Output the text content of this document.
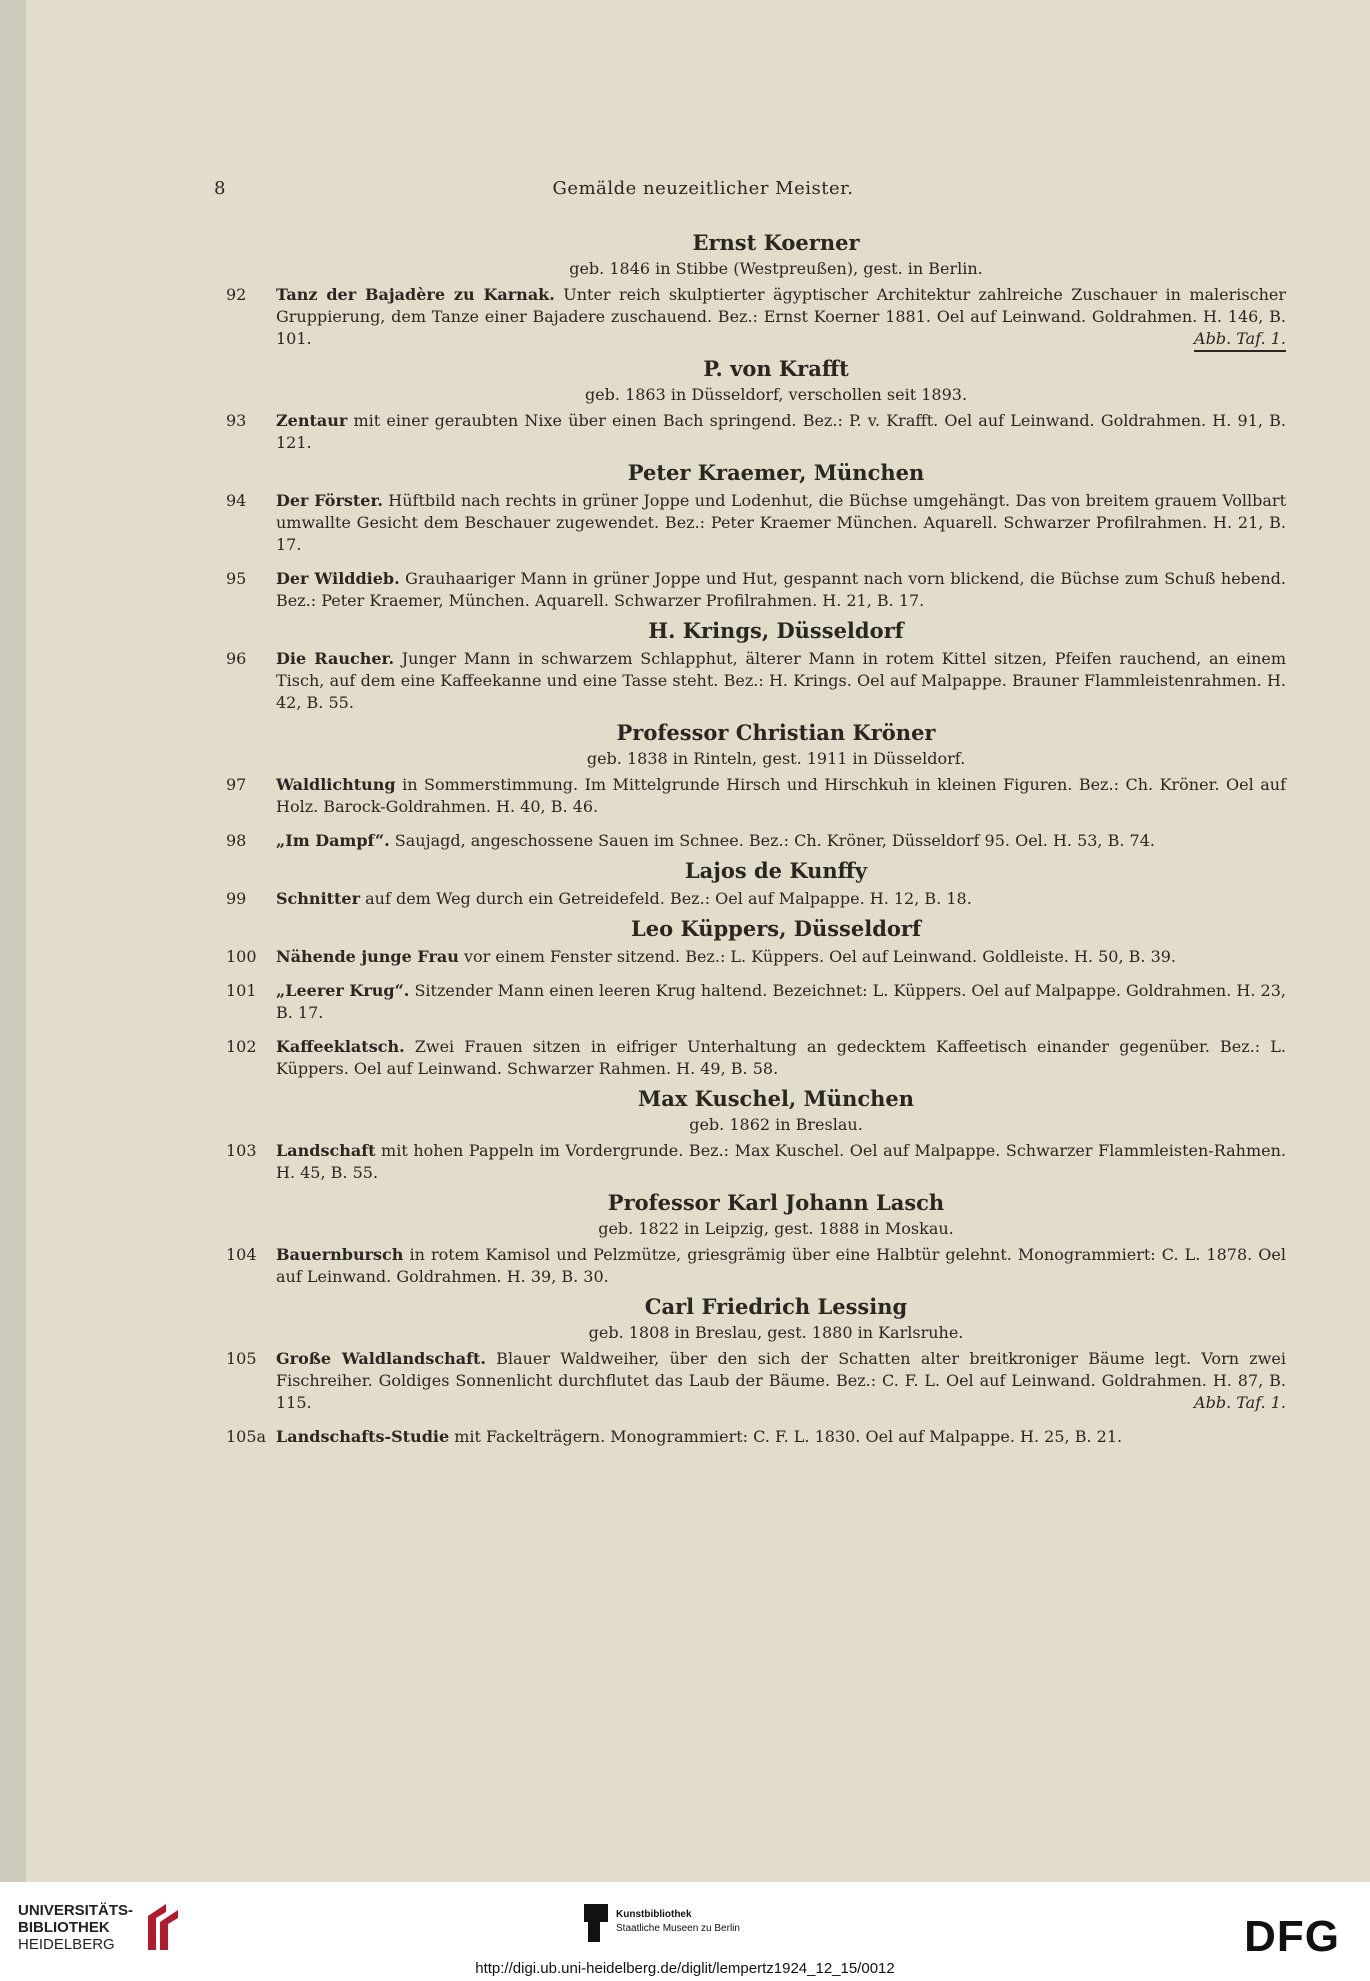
8	Gemälde neuzeitlicher Meister.
Ernst Koerner
geb. 1846 in Stibbe (Westpreußen), gest. in Berlin.
92 Tanz der Bajadère zu Karnak. Unter reich skulptierter ägyptischer Architektur zahlreiche Zuschauer in malerischer Gruppierung, dem Tanze einer Bajadere zuschauend. Bez.: Ernst Koerner 1881. Oel auf Leinwand. Goldrahmen. H. 146, B. 101.	Abb. Taf. 1.
P. von Krafft
geb. 1863 in Düsseldorf, verschollen seit 1893.
93 Zentaur mit einer geraubten Nixe über einen Bach springend. Bez.: P. v. Krafft. Oel auf Leinwand. Goldrahmen. H. 91, B. 121.
Peter Kraemer, München
94 Der Förster. Hüftbild nach rechts in grüner Joppe und Lodenhut, die Büchse umgehängt. Das von breitem grauem Vollbart umwallte Gesicht dem Beschauer zugewendet. Bez.: Peter Kraemer München. Aquarell. Schwarzer Profilrahmen. H. 21, B. 17.
95 Der Wilddieb. Grauhaariger Mann in grüner Joppe und Hut, gespannt nach vorn blickend, die Büchse zum Schuß hebend. Bez.: Peter Kraemer, München. Aquarell. Schwarzer Profilrahmen. H. 21, B. 17.
H. Krings, Düsseldorf
96 Die Raucher. Junger Mann in schwarzem Schlapphut, älterer Mann in rotem Kittel sitzen, Pfeifen rauchend, an einem Tisch, auf dem eine Kaffeekanne und eine Tasse steht. Bez.: H. Krings. Oel auf Malpappe. Brauner Flammleistenrahmen. H. 42, B. 55.
Professor Christian Kröner
geb. 1838 in Rinteln, gest. 1911 in Düsseldorf.
97 Waldlichtung in Sommerstimmung. Im Mittelgrunde Hirsch und Hirschkuh in kleinen Figuren. Bez.: Ch. Kröner. Oel auf Holz. Barock-Goldrahmen. H. 40, B. 46.
98 „Im Dampf“. Saujagd, angeschossene Sauen im Schnee. Bez.: Ch. Kröner, Düsseldorf 95. Oel. H. 53, B. 74.
Lajos de Kunffy
99 Schnitter auf dem Weg durch ein Getreidefeld. Bez.: Oel auf Malpappe. H. 12, B. 18.
Leo Küppers, Düsseldorf
100 Nähende junge Frau vor einem Fenster sitzend. Bez.: L. Küppers. Oel auf Leinwand. Goldleiste. H. 50, B. 39.
101 „Leerer Krug“. Sitzender Mann einen leeren Krug haltend. Bezeichnet: L. Küppers. Oel auf Malpappe. Goldrahmen. H. 23, B. 17.
102 Kaffeeklatsch. Zwei Frauen sitzen in eifriger Unterhaltung an gedecktem Kaffeetisch einander gegenüber. Bez.: L. Küppers. Oel auf Leinwand. Schwarzer Rahmen. H. 49, B. 58.
Max Kuschel, München
geb. 1862 in Breslau.
103 Landschaft mit hohen Pappeln im Vordergrunde. Bez.: Max Kuschel. Oel auf Malpappe. Schwarzer Flammleisten-Rahmen. H. 45, B. 55.
Professor Karl Johann Lasch
geb. 1822 in Leipzig, gest. 1888 in Moskau.
104 Bauernbursch in rotem Kamisol und Pelzmütze, griesgrämig über eine Halbtür gelehnt. Monogrammiert: C. L. 1878. Oel auf Leinwand. Goldrahmen. H. 39, B. 30.
Carl Friedrich Lessing
geb. 1808 in Breslau, gest. 1880 in Karlsruhe.
105 Große Waldlandschaft. Blauer Waldweiher, über den sich der Schatten alter breitkroniger Bäume legt. Vorn zwei Fischreiher. Goldiges Sonnenlicht durchflutet das Laub der Bäume. Bez.: C. F. L. Oel auf Leinwand. Goldrahmen. H. 87, B. 115.	Abb. Taf. 1.
105a Landschafts-Studie mit Fackelträgern. Monogrammiert: C. F. L. 1830. Oel auf Malpappe. H. 25, B. 21.
UNIVERSITÄTS-
BIBLIOTHEK
HEIDELBERG
Kunstbibliothek
Staatliche Museen zu Berlin	DFG
http://digi.ub.uni-heidelberg.de/diglit/lempertz1924_12_15/0012
